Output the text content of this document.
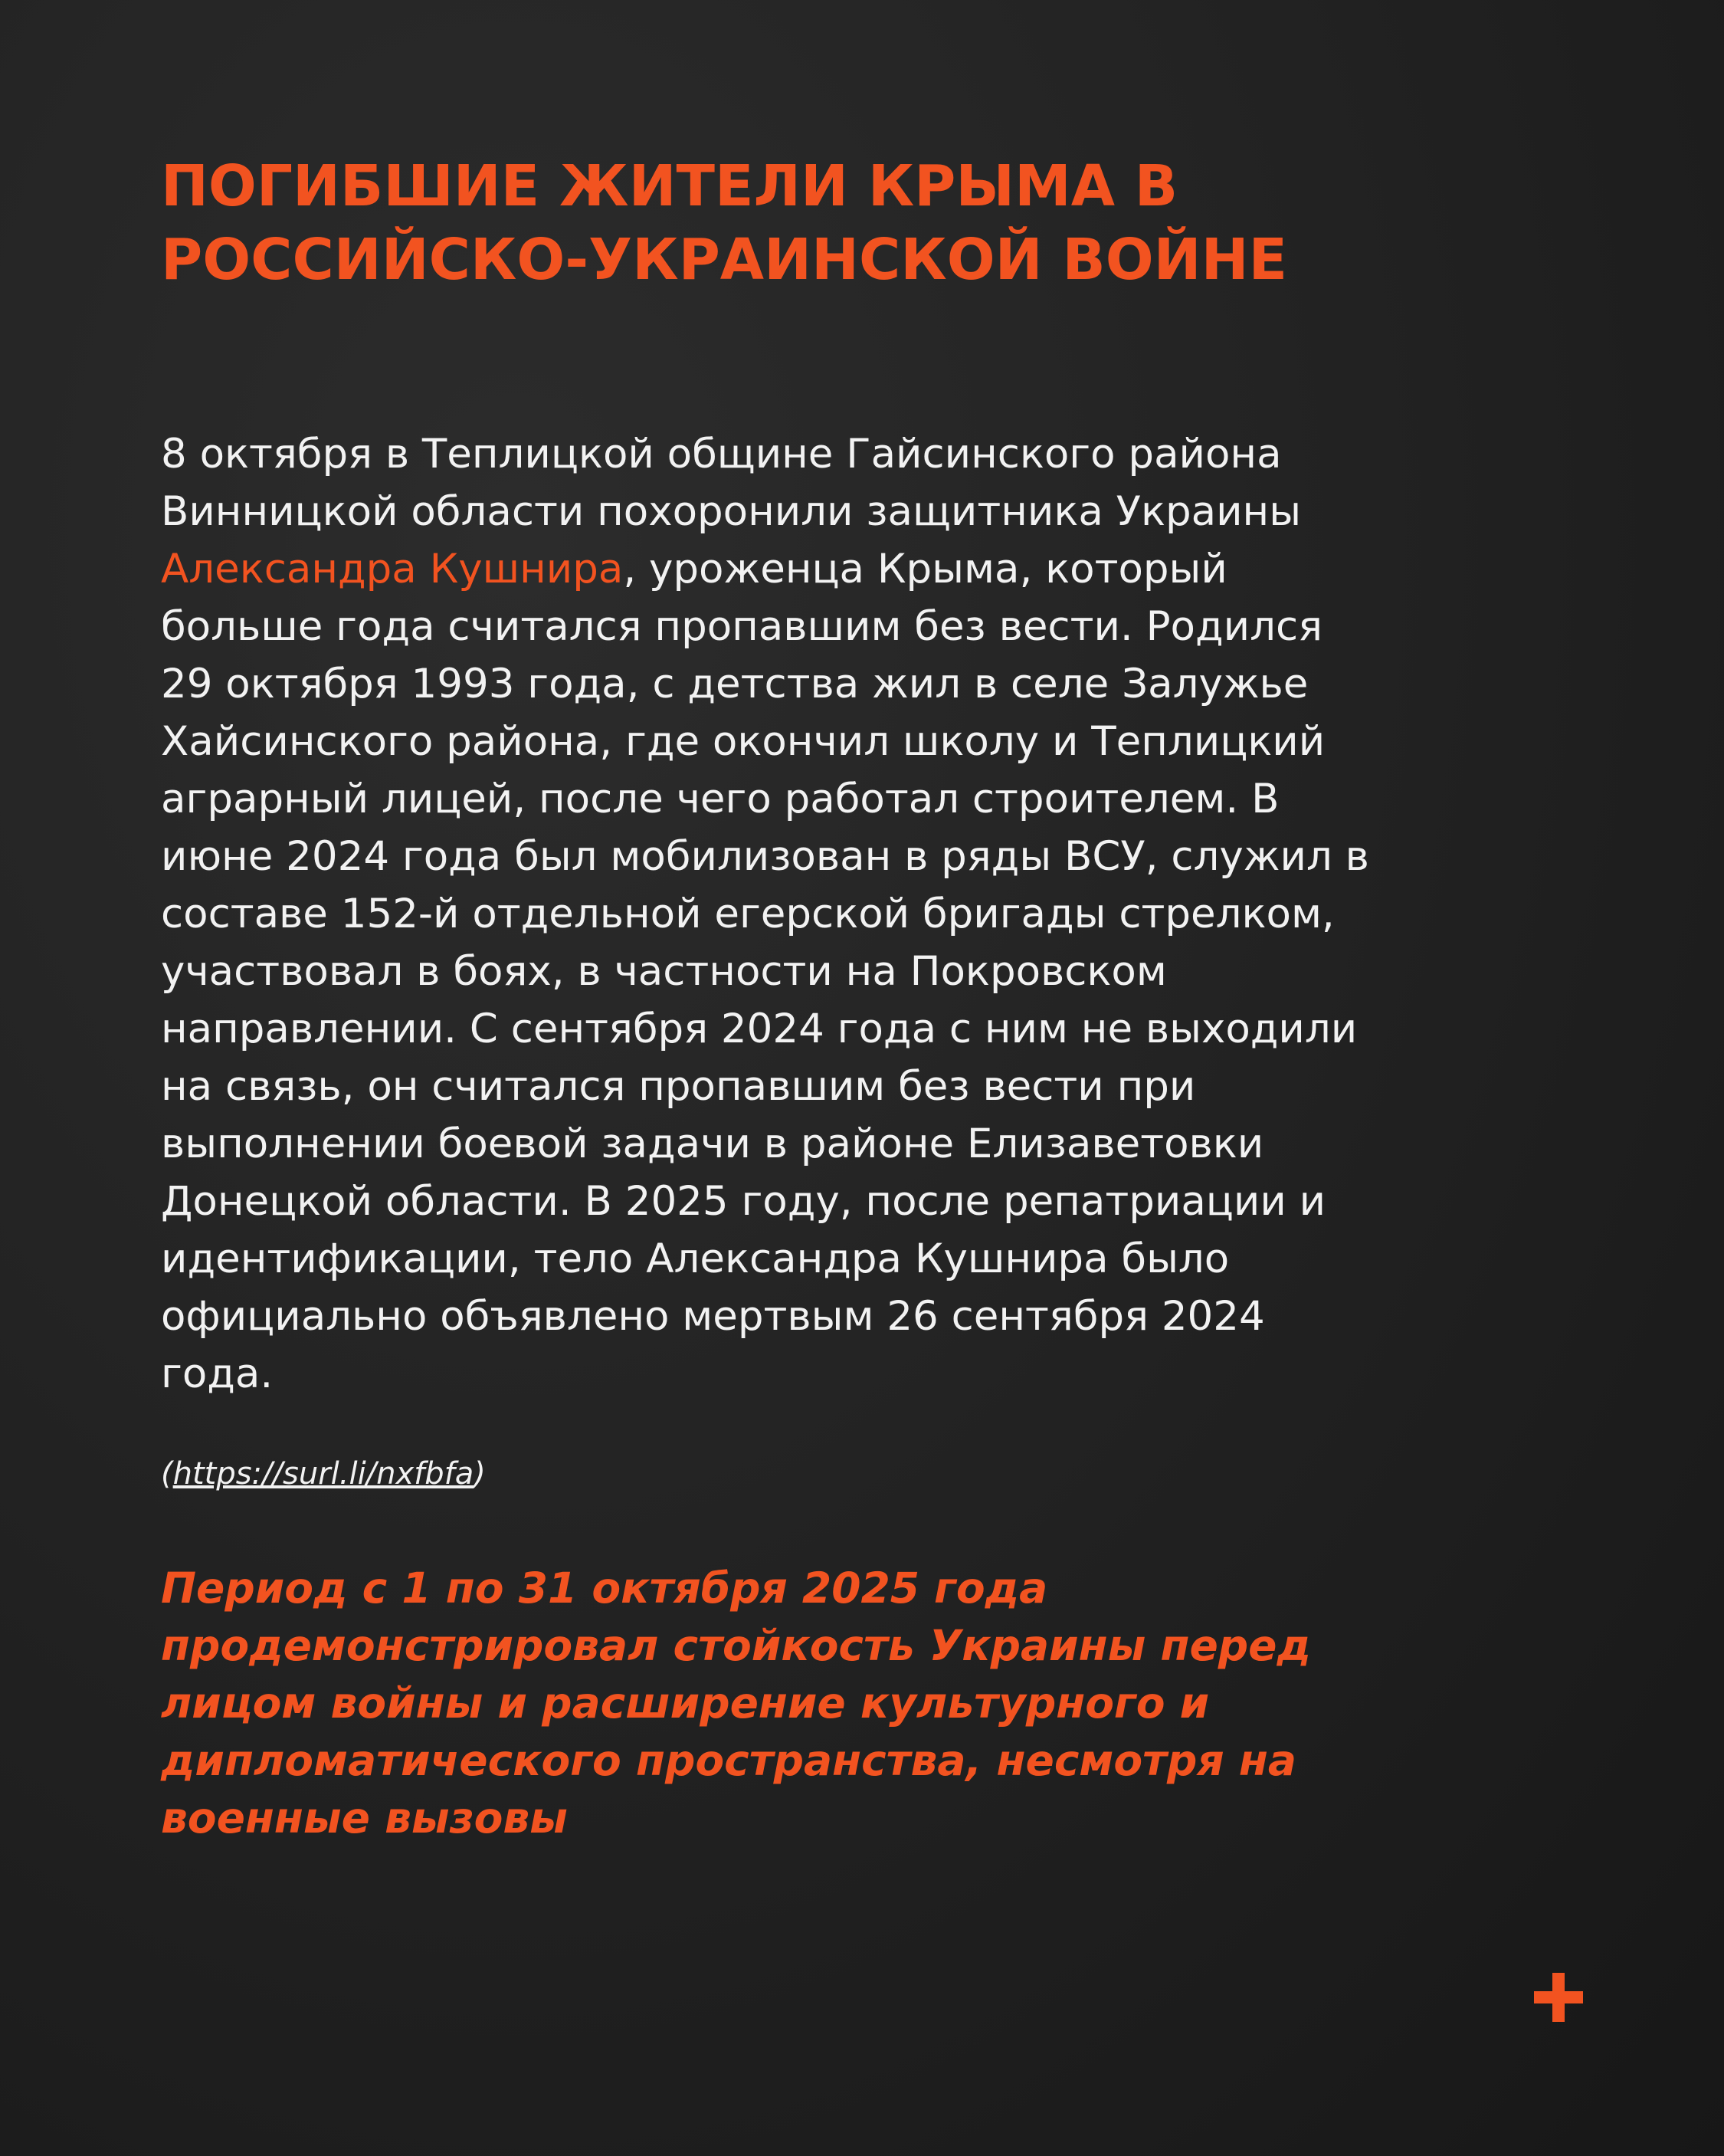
ПОГИБШИЕ ЖИТЕЛИ КРЫМА В
РОССИЙСКО-УКРАИНСКОЙ ВОЙНЕ

8 октября в Теплицкой общине Гайсинского района
Винницкой области похоронили защитника Украины
Александра Кушнира, уроженца Крыма, который
больше года считался пропавшим без вести. Родился
29 октября 1993 года, с детства жил в селе Залужье
Хайсинского района, где окончил школу и Теплицкий
аграрный лицей, после чего работал строителем. В
июне 2024 года был мобилизован в ряды ВСУ, служил в
составе 152-й отдельной егерской бригады стрелком,
участвовал в боях, в частности на Покровском
направлении. С сентября 2024 года с ним не выходили
на связь, он считался пропавшим без вести при
выполнении боевой задачи в районе Елизаветовки
Донецкой области. В 2025 году, после репатриации и
идентификации, тело Александра Кушнира было
официально объявлено мертвым 26 сентября 2024
года.

(https://surl.li/nxfbfa)

Период с 1 по 31 октября 2025 года
продемонстрировал стойкость Украины перед
лицом войны и расширение культурного и
дипломатического пространства, несмотря на
военные вызовы
